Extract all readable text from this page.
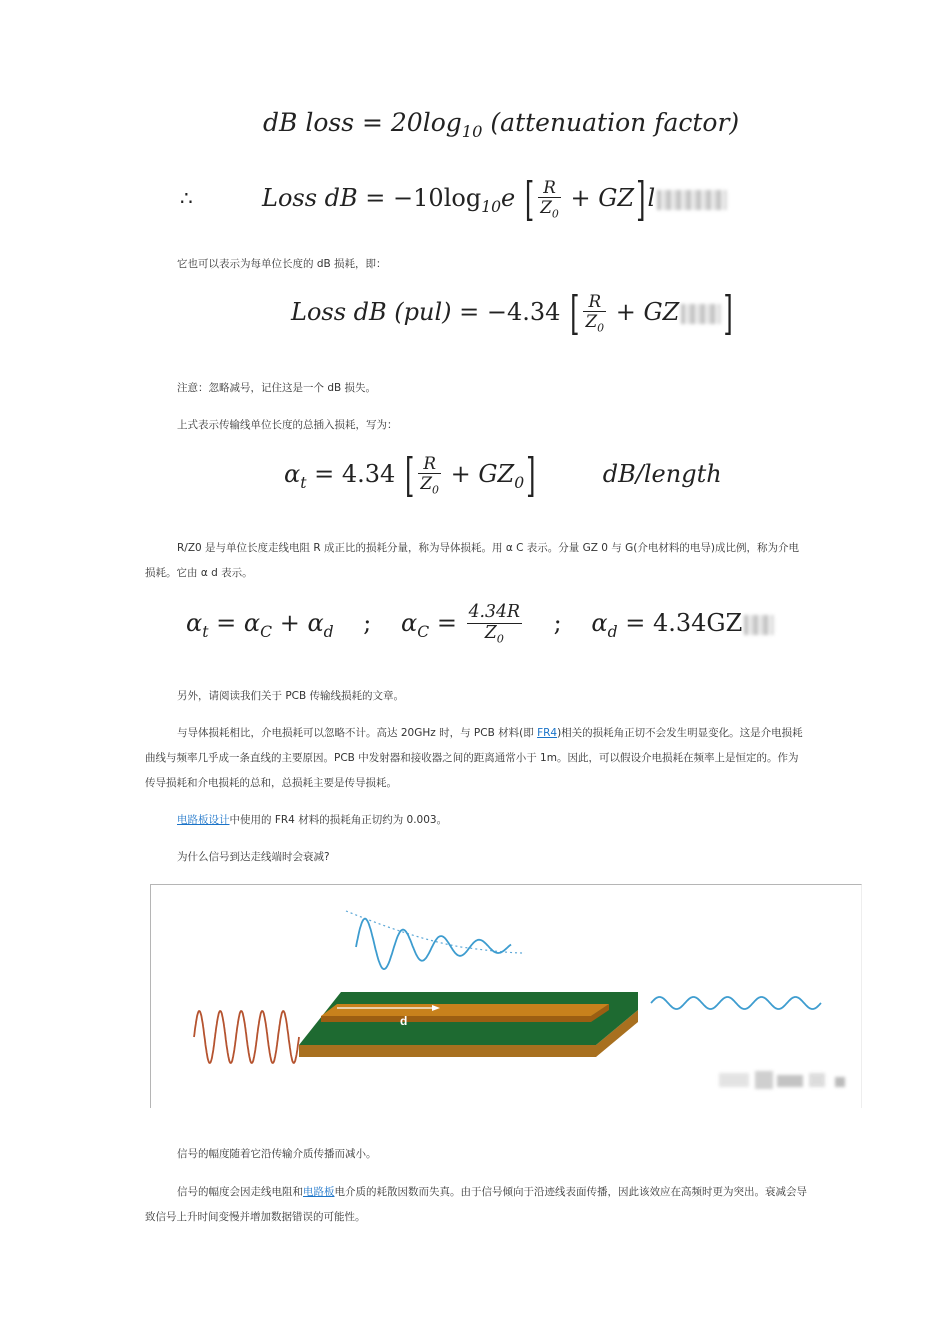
dB loss = $20\log_{10}$ (attenuation factor)
∴	Loss dB = $-10\log_{10}e$ [ $\frac{R}{Z_0} + GZ]l$

它也可以表示为每单位长度的 dB 损耗，即：

Loss dB (pul) = −4.34 [ $\frac{R}{Z_0}$ + GZ ]

注意：忽略减号，记住这是一个 dB 损失。

上式表示传输线单位长度的总插入损耗，写为：

$\alpha_t = 4.34$ [ $\frac{R}{Z_0} + GZ_0$]	dB/length

R/Z0 是与单位长度走线电阻 R 成正比的损耗分量，称为导体损耗。用 α C 表示。分量 GZ 0 与 G(介电材料的电导)成比例，称为介电损耗。它由 α d 表示。

$\alpha_t = \alpha_C + \alpha_d$ ; $\alpha_C = \frac{4.34R}{Z_0}$ ; $\alpha_d = 4.34GZ$

另外，请阅读我们关于 PCB 传输线损耗的文章。

与导体损耗相比，介电损耗可以忽略不计。高达 20GHz 时，与 PCB 材料(即 FR4)相关的损耗角正切不会发生明显变化。这是介电损耗曲线与频率几乎成一条直线的主要原因。PCB 中发射器和接收器之间的距离通常小于 1m。因此，可以假设介电损耗在频率上是恒定的。作为传导损耗和介电损耗的总和，总损耗主要是传导损耗。

电路板设计中使用的 FR4 材料的损耗角正切约为 0.003。

为什么信号到达走线端时会衰减?

d

信号的幅度随着它沿传输介质传播而减小。

信号的幅度会因走线电阻和电路板电介质的耗散因数而失真。由于信号倾向于沿迹线表面传播，因此该效应在高频时更为突出。衰减会导致信号上升时间变慢并增加数据错误的可能性。
